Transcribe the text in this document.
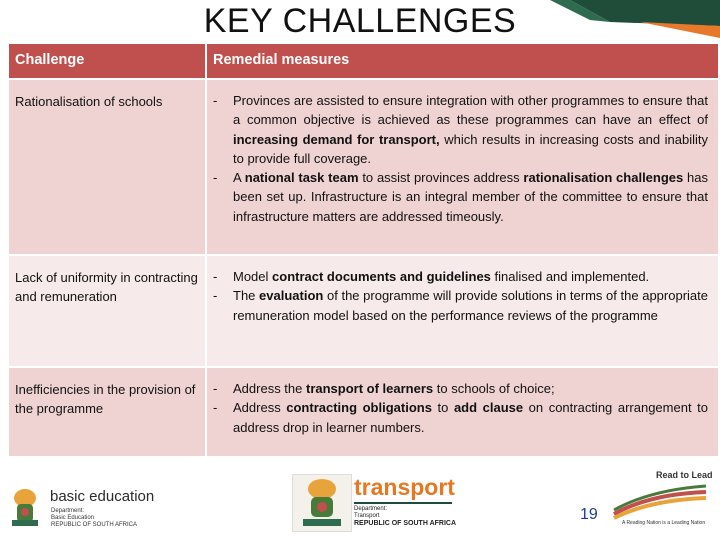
KEY CHALLENGES
Challenge	Remedial measures
Rationalisation of schools	- Provinces are assisted to ensure integration with other programmes to ensure that a common objective is achieved as these programmes can have an effect of increasing demand for transport, which results in increasing costs and inability to provide full coverage.
- A national task team to assist provinces address rationalisation challenges has been set up. Infrastructure is an integral member of the committee to ensure that infrastructure matters are addressed timeously.

Lack of uniformity in contracting and remuneration	- Model contract documents and guidelines finalised and implemented.
- The evaluation of the programme will provide solutions in terms of the appropriate remuneration model based on the performance reviews of the programme

Inefficiencies in the provision of the programme	- Address the transport of learners to schools of choice;
- Address contracting obligations to add clause on contracting arrangement to address drop in learner numbers.
basic education
Department:
Basic Education
REPUBLIC OF SOUTH AFRICA
transport
Department:
Transport
REPUBLIC OF SOUTH AFRICA
Read to Lead
A Reading Nation is a Leading Nation
19
